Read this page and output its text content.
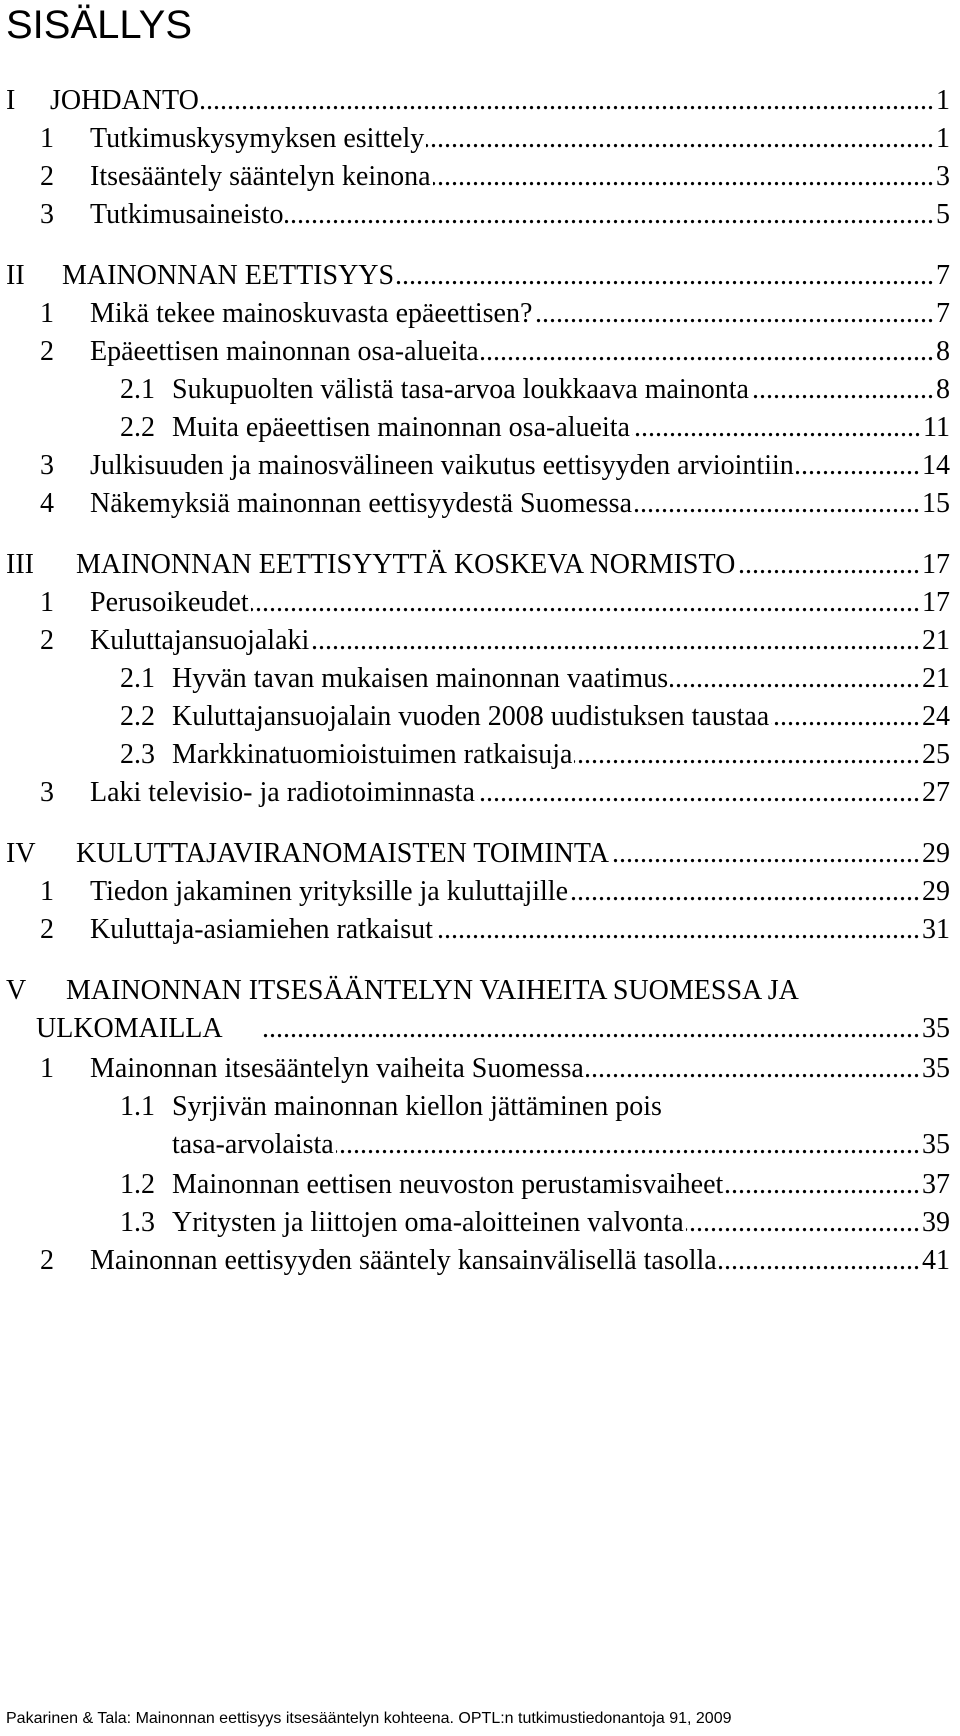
SISÄLLYS
I JOHDANTO	1
.....
1 Tutkimuskysymyksen esittely	1
.....
2 Itsesääntely sääntelyn keinona	3
.....
3 Tutkimusaineisto	5
.....
II MAINONNAN EETTISYYS	7
.....
1 Mikä tekee mainoskuvasta epäeettisen?	7
.....
2 Epäeettisen mainonnan osa-alueita	8
.....
2.1 Sukupuolten välistä tasa-arvoa loukkaava mainonta	8
.....
2.2 Muita epäeettisen mainonnan osa-alueita	11
.....
3 Julkisuuden ja mainosvälineen vaikutus eettisyyden arviointiin	14
.....
4 Näkemyksiä mainonnan eettisyydestä Suomessa	15
.....
III MAINONNAN EETTISYYTTÄ KOSKEVA NORMISTO	17
.....
1 Perusoikeudet	17
.....
2 Kuluttajansuojalaki	21
.....
2.1 Hyvän tavan mukaisen mainonnan vaatimus	21
.....
2.2 Kuluttajansuojalain vuoden 2008 uudistuksen taustaa	24
.....
2.3 Markkinatuomioistuimen ratkaisuja	25
.....
3 Laki televisio- ja radiotoiminnasta	27
.....
IV KULUTTAJAVIRANOMAISTEN TOIMINTA	29
.....
1 Tiedon jakaminen yrityksille ja kuluttajille	29
.....
2 Kuluttaja-asiamiehen ratkaisut	31
.....
V MAINONNAN ITSESÄÄNTELYN VAIHEITA SUOMESSA JA
ULKOMAILLA	35
.....
1 Mainonnan itsesääntelyn vaiheita Suomessa	35
.....
1.1 Syrjivän mainonnan kiellon jättäminen pois
tasa-arvolaista	35
.....
1.2 Mainonnan eettisen neuvoston perustamisvaiheet	37
.....
1.3 Yritysten ja liittojen oma-aloitteinen valvonta	39
.....
2 Mainonnan eettisyyden sääntely kansainvälisellä tasolla	41
.....
Pakarinen & Tala: Mainonnan eettisyys itsesääntelyn kohteena. OPTL:n tutkimustiedonantoja 91, 2009
